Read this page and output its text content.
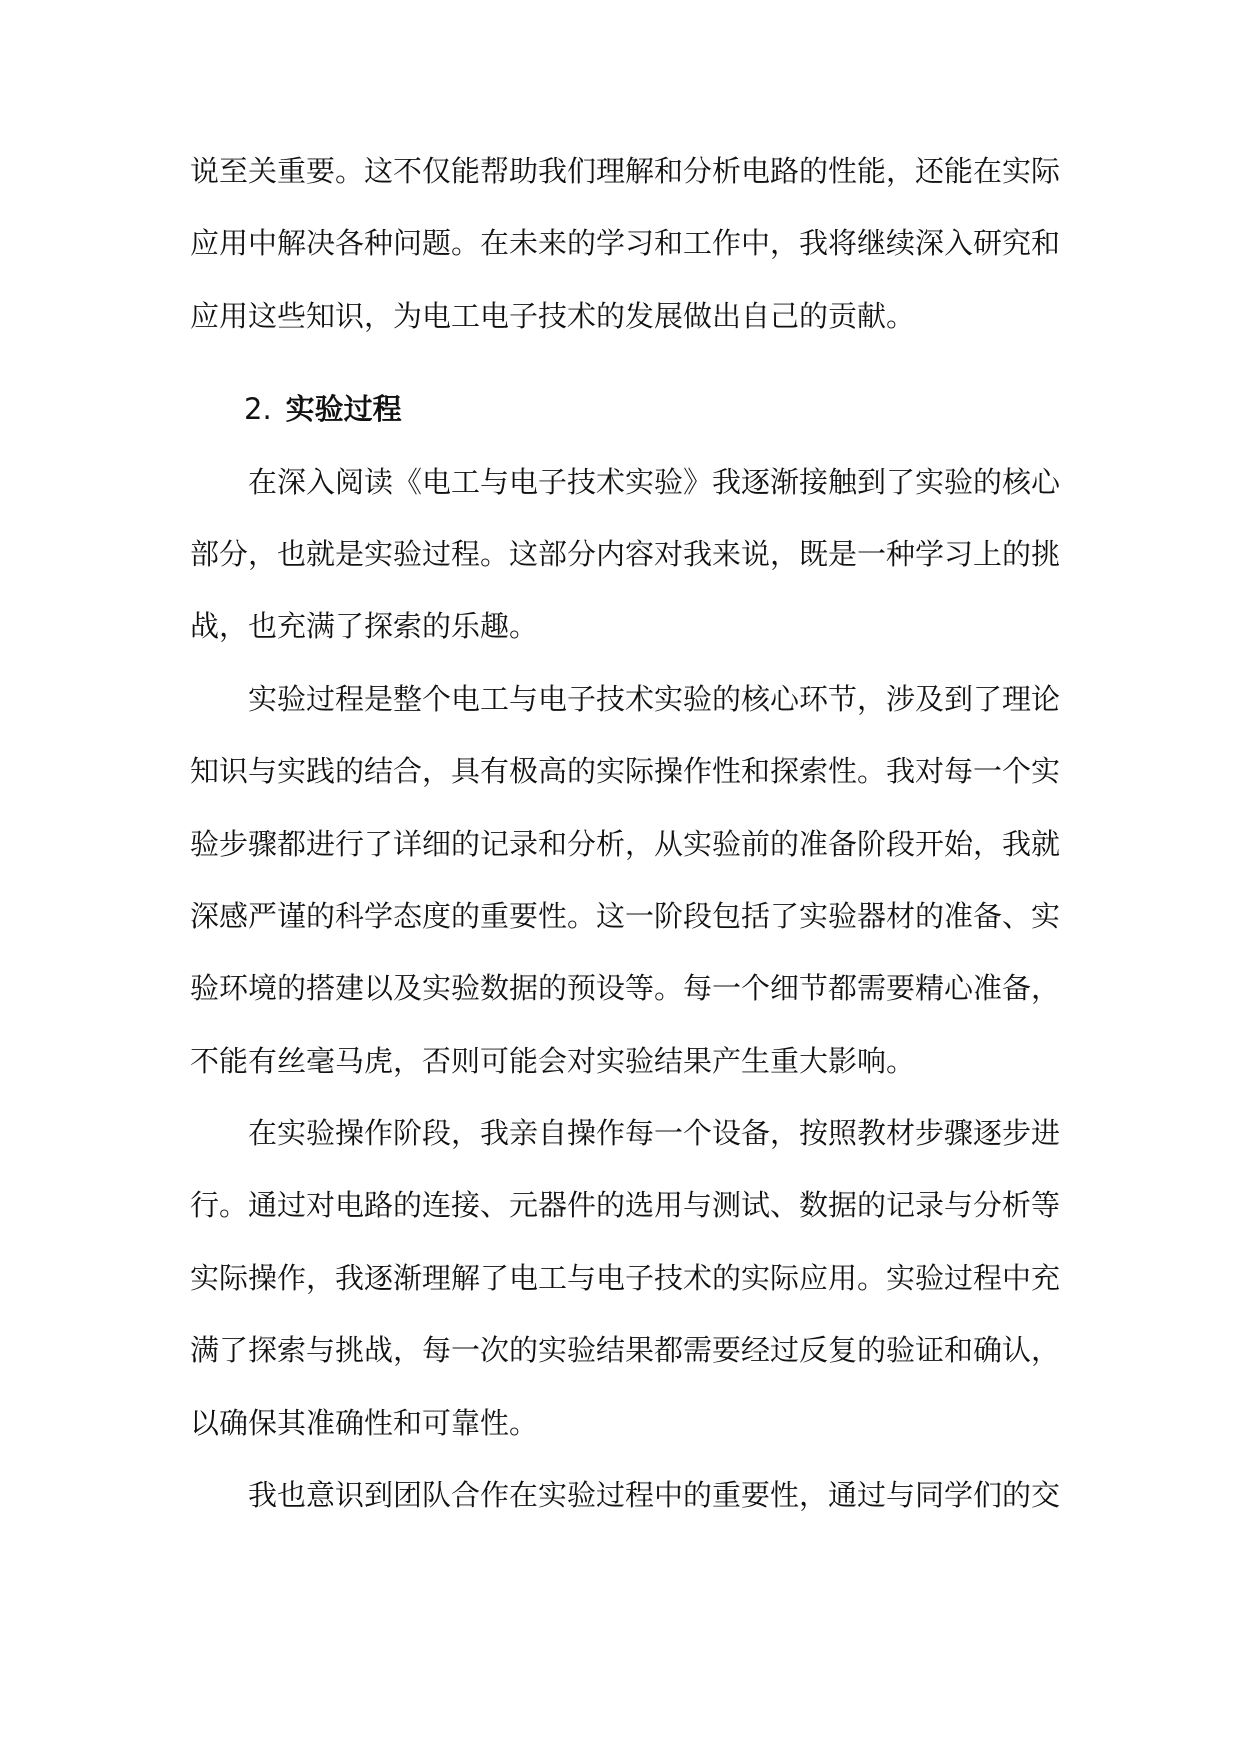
说至关重要。这不仅能帮助我们理解和分析电路的性能，还能在实际
应用中解决各种问题。在未来的学习和工作中，我将继续深入研究和
应用这些知识，为电工电子技术的发展做出自己的贡献。
2. 实验过程
在深入阅读《电工与电子技术实验》我逐渐接触到了实验的核心
部分，也就是实验过程。这部分内容对我来说，既是一种学习上的挑
战，也充满了探索的乐趣。
实验过程是整个电工与电子技术实验的核心环节，涉及到了理论
知识与实践的结合，具有极高的实际操作性和探索性。我对每一个实
验步骤都进行了详细的记录和分析，从实验前的准备阶段开始，我就
深感严谨的科学态度的重要性。这一阶段包括了实验器材的准备、实
验环境的搭建以及实验数据的预设等。每一个细节都需要精心准备，
不能有丝毫马虎，否则可能会对实验结果产生重大影响。
在实验操作阶段，我亲自操作每一个设备，按照教材步骤逐步进
行。通过对电路的连接、元器件的选用与测试、数据的记录与分析等
实际操作，我逐渐理解了电工与电子技术的实际应用。实验过程中充
满了探索与挑战，每一次的实验结果都需要经过反复的验证和确认，
以确保其准确性和可靠性。
我也意识到团队合作在实验过程中的重要性，通过与同学们的交
